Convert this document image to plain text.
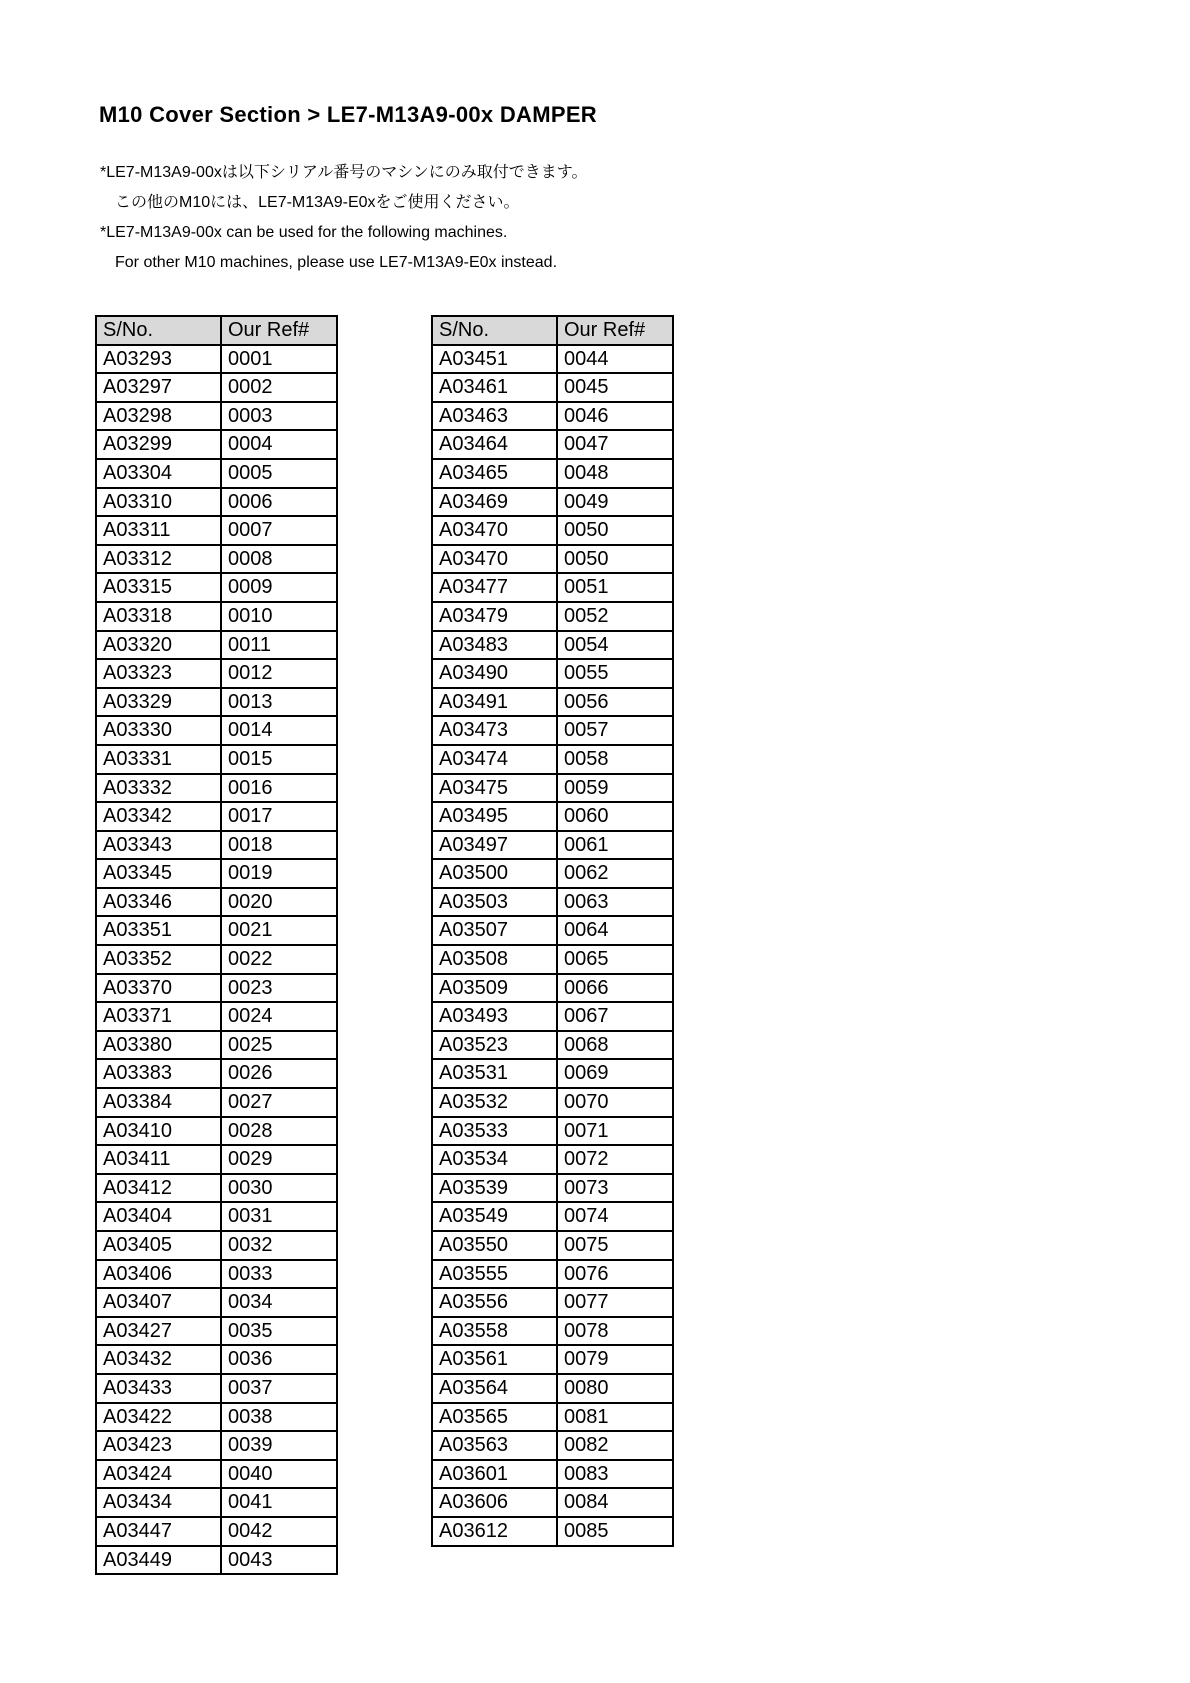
M10 Cover Section > LE7-M13A9-00x DAMPER
*LE7-M13A9-00xは以下シリアル番号のマシンにのみ取付できます。
この他のM10には、LE7-M13A9-E0xをご使用ください。
*LE7-M13A9-00x can be used for the following machines.
For other M10 machines, please use LE7-M13A9-E0x instead.
S/No.	Our Ref#
A03293	0001
A03297	0002
A03298	0003
A03299	0004
A03304	0005
A03310	0006
A03311	0007
A03312	0008
A03315	0009
A03318	0010
A03320	0011
A03323	0012
A03329	0013
A03330	0014
A03331	0015
A03332	0016
A03342	0017
A03343	0018
A03345	0019
A03346	0020
A03351	0021
A03352	0022
A03370	0023
A03371	0024
A03380	0025
A03383	0026
A03384	0027
A03410	0028
A03411	0029
A03412	0030
A03404	0031
A03405	0032
A03406	0033
A03407	0034
A03427	0035
A03432	0036
A03433	0037
A03422	0038
A03423	0039
A03424	0040
A03434	0041
A03447	0042
A03449	0043
S/No.	Our Ref#
A03451	0044
A03461	0045
A03463	0046
A03464	0047
A03465	0048
A03469	0049
A03470	0050
A03470	0050
A03477	0051
A03479	0052
A03483	0054
A03490	0055
A03491	0056
A03473	0057
A03474	0058
A03475	0059
A03495	0060
A03497	0061
A03500	0062
A03503	0063
A03507	0064
A03508	0065
A03509	0066
A03493	0067
A03523	0068
A03531	0069
A03532	0070
A03533	0071
A03534	0072
A03539	0073
A03549	0074
A03550	0075
A03555	0076
A03556	0077
A03558	0078
A03561	0079
A03564	0080
A03565	0081
A03563	0082
A03601	0083
A03606	0084
A03612	0085
